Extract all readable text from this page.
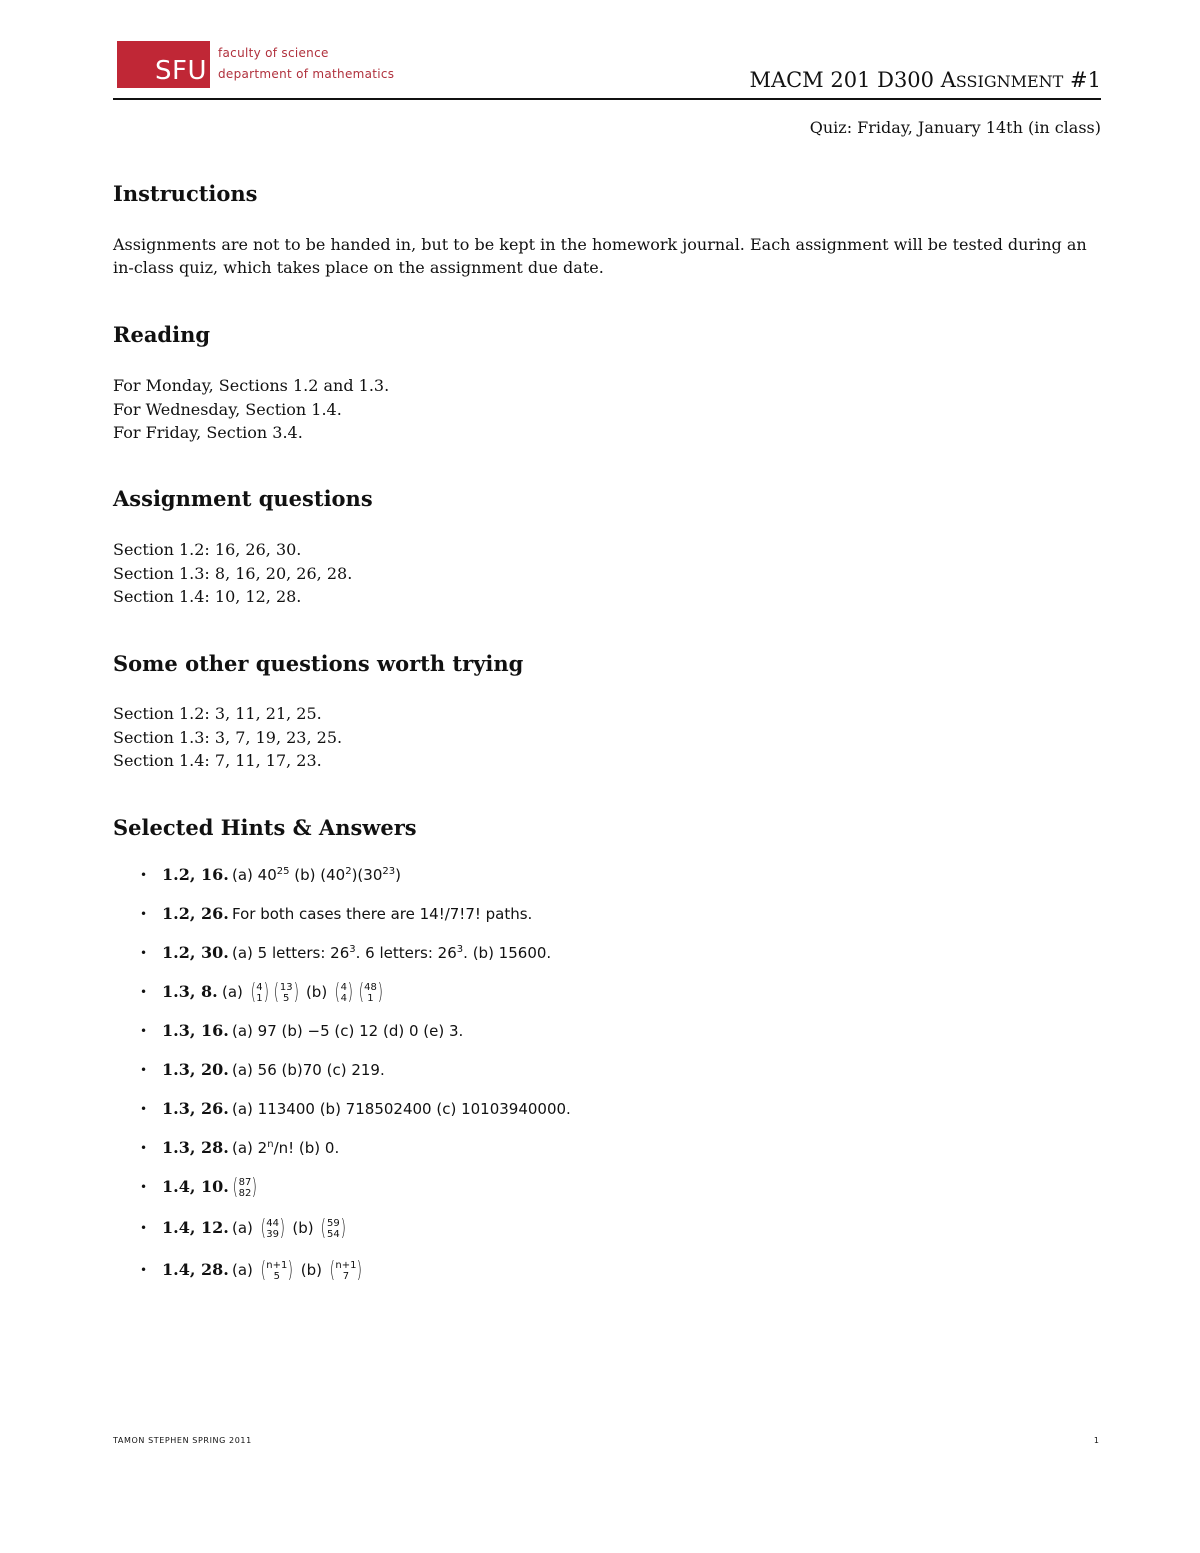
SFU
faculty of science
department of mathematics	MACM 201 D300 ASSIGNMENT #1
Quiz: Friday, January 14th (in class)
Instructions

Assignments are not to be handed in, but to be kept in the homework journal. Each assignment will be tested during an in-class quiz, which takes place on the assignment due date.

Reading
For Monday, Sections 1.2 and 1.3.
For Wednesday, Section 1.4.
For Friday, Section 3.4.
Assignment questions
Section 1.2: 16, 26, 30.
Section 1.3: 8, 16, 20, 26, 28.
Section 1.4: 10, 12, 28.
Some other questions worth trying
Section 1.2: 3, 11, 21, 25.
Section 1.3: 3, 7, 19, 23, 25.
Section 1.4: 7, 11, 17, 23.
Selected Hints & Answers
• 1.2, 16. (a) $40^{25}$ (b) $(40^2)(30^{23})$
• 1.2, 26. For both cases there are 14!/7!7! paths.
• 1.2, 30. (a) 5 letters: $26^3$. 6 letters: $26^3$. (b) 15600.
• 1.3, 8. (a) ( 4
1 ) ( 13
5 ) (b) ( 4
4 ) ( 48
1 )
• 1.3, 16. (a) 97 (b) −5 (c) 12 (d) 0 (e) 3.
• 1.3, 20. (a) 56 (b)70 (c) 219.
• 1.3, 26. (a) 113400 (b) 718502400 (c) 10103940000.
• 1.3, 28. (a) 2$^n$/n! (b) 0.
• 1.4, 10. ( 87
82 )
• 1.4, 12. (a) ( 44
39 ) (b) ( 59
54 )
• 1.4, 28. (a) ( n+1
5 ) (b) ( n+1
7 )
TAMON STEPHEN SPRING 2011	1
